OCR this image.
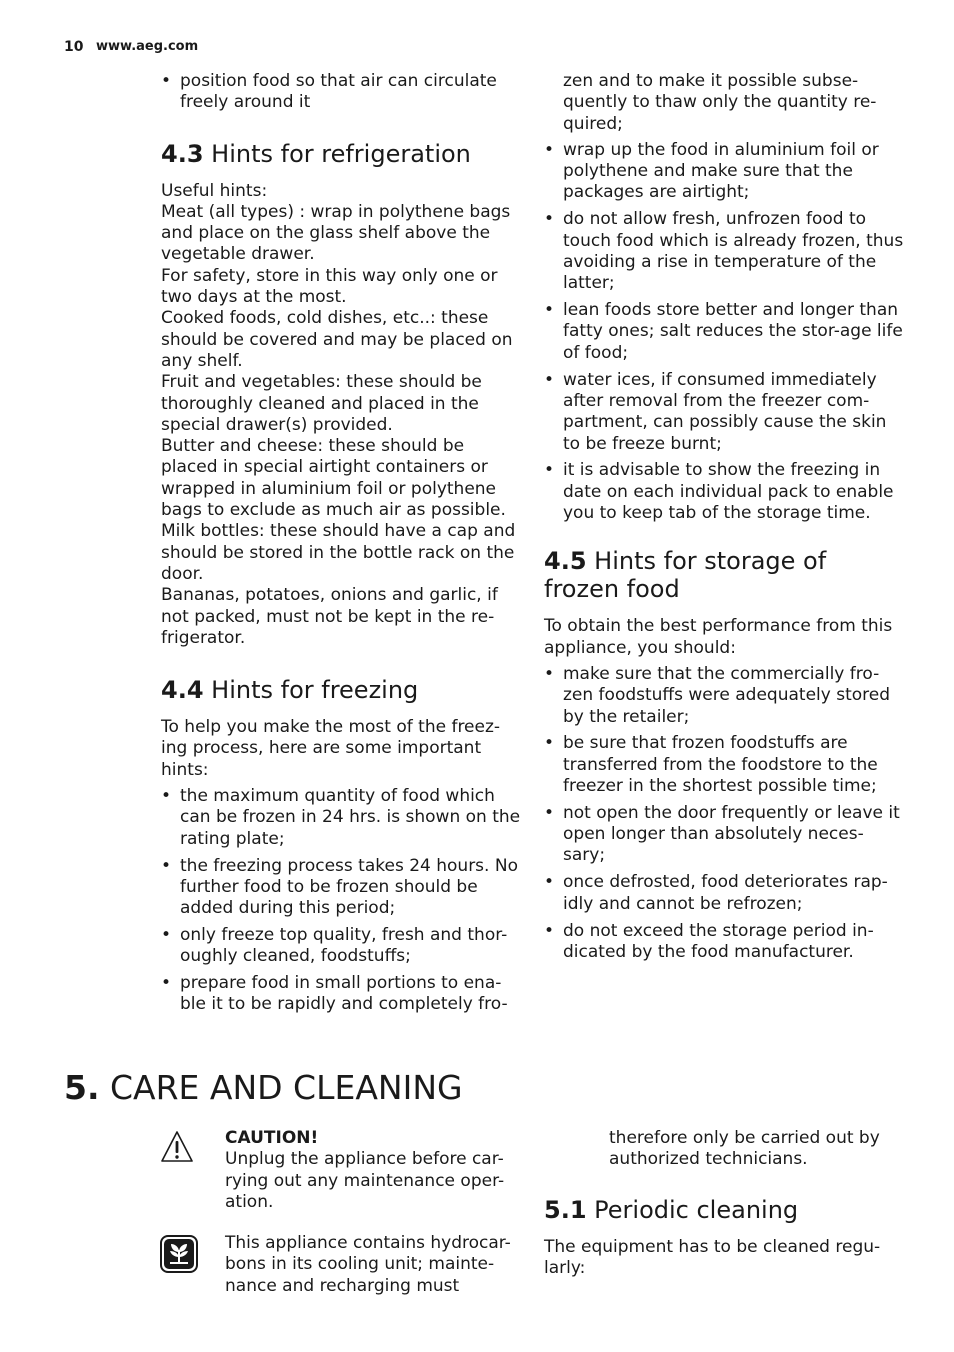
10 www.aeg.com
• position food so that air can circulate freely around it
4.3 Hints for refrigeration

Useful hints:

Meat (all types) : wrap in polythene bags and place on the glass shelf above the vegetable drawer.

For safety, store in this way only one or two days at the most.

Cooked foods, cold dishes, etc..: these should be covered and may be placed on any shelf.

Fruit and vegetables: these should be thoroughly cleaned and placed in the special drawer(s) provided.

Butter and cheese: these should be placed in special airtight containers or wrapped in aluminium foil or polythene bags to exclude as much air as possible.

Milk bottles: these should have a cap and should be stored in the bottle rack on the door.

Bananas, potatoes, onions and garlic, if not packed, must not be kept in the re-frigerator.

4.4 Hints for freezing

To help you make the most of the freez-ing process, here are some important hints:

• the maximum quantity of food which can be frozen in 24 hrs. is shown on the rating plate;
• the freezing process takes 24 hours. No further food to be frozen should be added during this period;
• only freeze top quality, fresh and thor-oughly cleaned, foodstuffs;
• prepare food in small portions to ena-ble it to be rapidly and completely fro-

zen and to make it possible subse-quently to thaw only the quantity re-quired;

• wrap up the food in aluminium foil or polythene and make sure that the packages are airtight;
• do not allow fresh, unfrozen food to touch food which is already frozen, thus avoiding a rise in temperature of the latter;
• lean foods store better and longer than fatty ones; salt reduces the stor-age life of food;
• water ices, if consumed immediately after removal from the freezer com-partment, can possibly cause the skin to be freeze burnt;
• it is advisable to show the freezing in date on each individual pack to enable you to keep tab of the storage time.
4.5 Hints for storage of frozen food

To obtain the best performance from this appliance, you should:

• make sure that the commercially fro-zen foodstuffs were adequately stored by the retailer;
• be sure that frozen foodstuffs are transferred from the foodstore to the freezer in the shortest possible time;
• not open the door frequently or leave it open longer than absolutely neces-sary;
• once defrosted, food deteriorates rap-idly and cannot be refrozen;
• do not exceed the storage period in-dicated by the food manufacturer.
5. CARE AND CLEANING

CAUTION!

Unplug the appliance before car-rying out any maintenance oper-ation.

This appliance contains hydrocar-bons in its cooling unit; mainte-nance and recharging must

therefore only be carried out by authorized technicians.

5.1 Periodic cleaning

The equipment has to be cleaned regu-larly:
